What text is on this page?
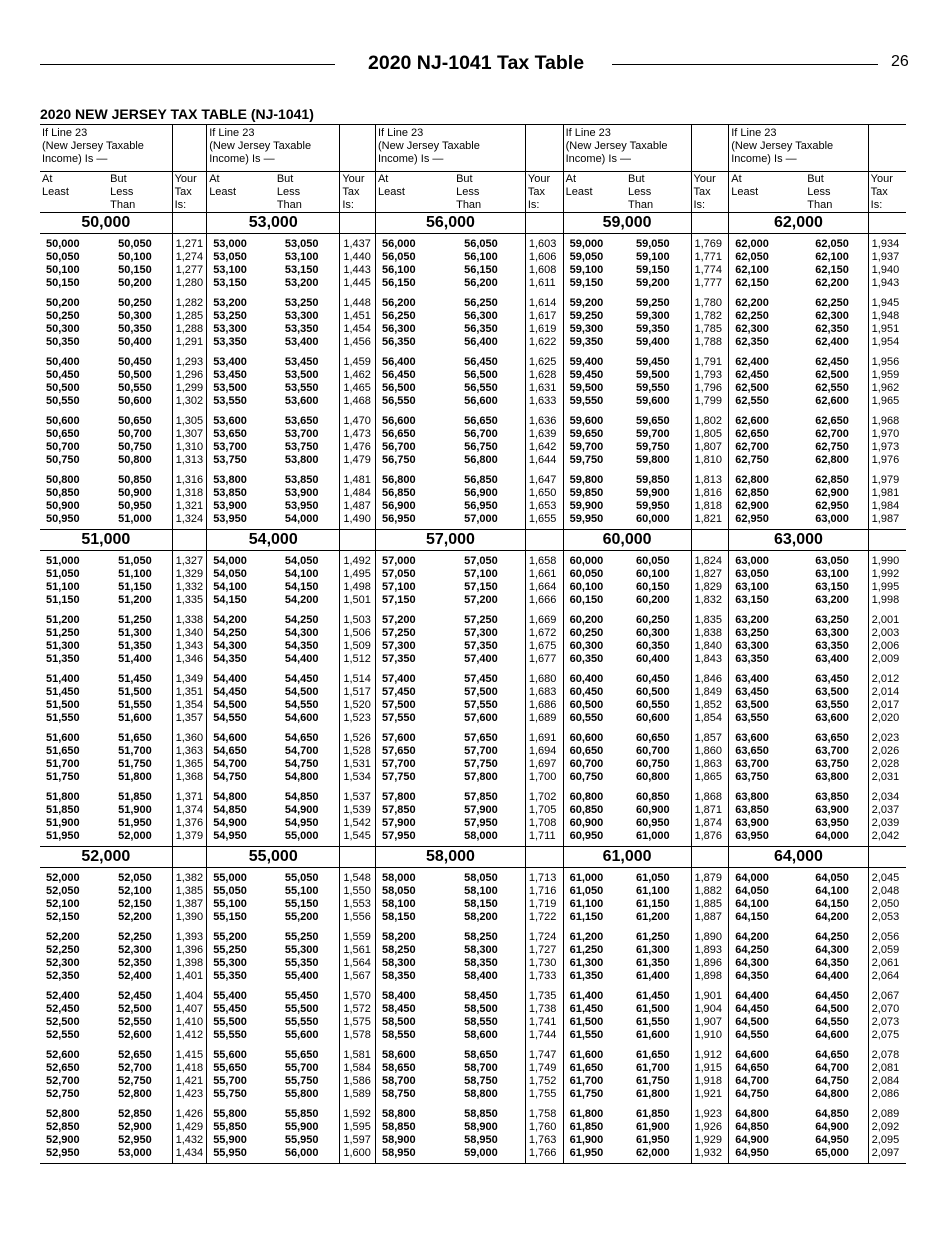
2020 NJ-1041 Tax Table	26
2020 NEW JERSEY TAX TABLE (NJ-1041)
If Line 23
(New Jersey Taxable
Income) Is —			If Line 23
(New Jersey Taxable
Income) Is —			If Line 23
(New Jersey Taxable
Income) Is —			If Line 23
(New Jersey Taxable
Income) Is —			If Line 23
(New Jersey Taxable
Income) Is —		
At
Least	But
Less
Than	Your
Tax
Is:	At
Least	But
Less
Than	Your
Tax
Is:	At
Least	But
Less
Than	Your
Tax
Is:	At
Least	But
Less
Than	Your
Tax
Is:	At
Least	But
Less
Than	Your
Tax
Is:
50,000			53,000			56,000			59,000			62,000		
50,000	50,050	1,271	53,000	53,050	1,437	56,000	56,050	1,603	59,000	59,050	1,769	62,000	62,050	1,934
50,050	50,100	1,274	53,050	53,100	1,440	56,050	56,100	1,606	59,050	59,100	1,771	62,050	62,100	1,937
50,100	50,150	1,277	53,100	53,150	1,443	56,100	56,150	1,608	59,100	59,150	1,774	62,100	62,150	1,940
50,150	50,200	1,280	53,150	53,200	1,445	56,150	56,200	1,611	59,150	59,200	1,777	62,150	62,200	1,943
50,200	50,250	1,282	53,200	53,250	1,448	56,200	56,250	1,614	59,200	59,250	1,780	62,200	62,250	1,945
50,250	50,300	1,285	53,250	53,300	1,451	56,250	56,300	1,617	59,250	59,300	1,782	62,250	62,300	1,948
50,300	50,350	1,288	53,300	53,350	1,454	56,300	56,350	1,619	59,300	59,350	1,785	62,300	62,350	1,951
50,350	50,400	1,291	53,350	53,400	1,456	56,350	56,400	1,622	59,350	59,400	1,788	62,350	62,400	1,954
50,400	50,450	1,293	53,400	53,450	1,459	56,400	56,450	1,625	59,400	59,450	1,791	62,400	62,450	1,956
50,450	50,500	1,296	53,450	53,500	1,462	56,450	56,500	1,628	59,450	59,500	1,793	62,450	62,500	1,959
50,500	50,550	1,299	53,500	53,550	1,465	56,500	56,550	1,631	59,500	59,550	1,796	62,500	62,550	1,962
50,550	50,600	1,302	53,550	53,600	1,468	56,550	56,600	1,633	59,550	59,600	1,799	62,550	62,600	1,965
50,600	50,650	1,305	53,600	53,650	1,470	56,600	56,650	1,636	59,600	59,650	1,802	62,600	62,650	1,968
50,650	50,700	1,307	53,650	53,700	1,473	56,650	56,700	1,639	59,650	59,700	1,805	62,650	62,700	1,970
50,700	50,750	1,310	53,700	53,750	1,476	56,700	56,750	1,642	59,700	59,750	1,807	62,700	62,750	1,973
50,750	50,800	1,313	53,750	53,800	1,479	56,750	56,800	1,644	59,750	59,800	1,810	62,750	62,800	1,976
50,800	50,850	1,316	53,800	53,850	1,481	56,800	56,850	1,647	59,800	59,850	1,813	62,800	62,850	1,979
50,850	50,900	1,318	53,850	53,900	1,484	56,850	56,900	1,650	59,850	59,900	1,816	62,850	62,900	1,981
50,900	50,950	1,321	53,900	53,950	1,487	56,900	56,950	1,653	59,900	59,950	1,818	62,900	62,950	1,984
50,950	51,000	1,324	53,950	54,000	1,490	56,950	57,000	1,655	59,950	60,000	1,821	62,950	63,000	1,987
51,000			54,000			57,000			60,000			63,000		
51,000	51,050	1,327	54,000	54,050	1,492	57,000	57,050	1,658	60,000	60,050	1,824	63,000	63,050	1,990
51,050	51,100	1,329	54,050	54,100	1,495	57,050	57,100	1,661	60,050	60,100	1,827	63,050	63,100	1,992
51,100	51,150	1,332	54,100	54,150	1,498	57,100	57,150	1,664	60,100	60,150	1,829	63,100	63,150	1,995
51,150	51,200	1,335	54,150	54,200	1,501	57,150	57,200	1,666	60,150	60,200	1,832	63,150	63,200	1,998
51,200	51,250	1,338	54,200	54,250	1,503	57,200	57,250	1,669	60,200	60,250	1,835	63,200	63,250	2,001
51,250	51,300	1,340	54,250	54,300	1,506	57,250	57,300	1,672	60,250	60,300	1,838	63,250	63,300	2,003
51,300	51,350	1,343	54,300	54,350	1,509	57,300	57,350	1,675	60,300	60,350	1,840	63,300	63,350	2,006
51,350	51,400	1,346	54,350	54,400	1,512	57,350	57,400	1,677	60,350	60,400	1,843	63,350	63,400	2,009
51,400	51,450	1,349	54,400	54,450	1,514	57,400	57,450	1,680	60,400	60,450	1,846	63,400	63,450	2,012
51,450	51,500	1,351	54,450	54,500	1,517	57,450	57,500	1,683	60,450	60,500	1,849	63,450	63,500	2,014
51,500	51,550	1,354	54,500	54,550	1,520	57,500	57,550	1,686	60,500	60,550	1,852	63,500	63,550	2,017
51,550	51,600	1,357	54,550	54,600	1,523	57,550	57,600	1,689	60,550	60,600	1,854	63,550	63,600	2,020
51,600	51,650	1,360	54,600	54,650	1,526	57,600	57,650	1,691	60,600	60,650	1,857	63,600	63,650	2,023
51,650	51,700	1,363	54,650	54,700	1,528	57,650	57,700	1,694	60,650	60,700	1,860	63,650	63,700	2,026
51,700	51,750	1,365	54,700	54,750	1,531	57,700	57,750	1,697	60,700	60,750	1,863	63,700	63,750	2,028
51,750	51,800	1,368	54,750	54,800	1,534	57,750	57,800	1,700	60,750	60,800	1,865	63,750	63,800	2,031
51,800	51,850	1,371	54,800	54,850	1,537	57,800	57,850	1,702	60,800	60,850	1,868	63,800	63,850	2,034
51,850	51,900	1,374	54,850	54,900	1,539	57,850	57,900	1,705	60,850	60,900	1,871	63,850	63,900	2,037
51,900	51,950	1,376	54,900	54,950	1,542	57,900	57,950	1,708	60,900	60,950	1,874	63,900	63,950	2,039
51,950	52,000	1,379	54,950	55,000	1,545	57,950	58,000	1,711	60,950	61,000	1,876	63,950	64,000	2,042
52,000			55,000			58,000			61,000			64,000		
52,000	52,050	1,382	55,000	55,050	1,548	58,000	58,050	1,713	61,000	61,050	1,879	64,000	64,050	2,045
52,050	52,100	1,385	55,050	55,100	1,550	58,050	58,100	1,716	61,050	61,100	1,882	64,050	64,100	2,048
52,100	52,150	1,387	55,100	55,150	1,553	58,100	58,150	1,719	61,100	61,150	1,885	64,100	64,150	2,050
52,150	52,200	1,390	55,150	55,200	1,556	58,150	58,200	1,722	61,150	61,200	1,887	64,150	64,200	2,053
52,200	52,250	1,393	55,200	55,250	1,559	58,200	58,250	1,724	61,200	61,250	1,890	64,200	64,250	2,056
52,250	52,300	1,396	55,250	55,300	1,561	58,250	58,300	1,727	61,250	61,300	1,893	64,250	64,300	2,059
52,300	52,350	1,398	55,300	55,350	1,564	58,300	58,350	1,730	61,300	61,350	1,896	64,300	64,350	2,061
52,350	52,400	1,401	55,350	55,400	1,567	58,350	58,400	1,733	61,350	61,400	1,898	64,350	64,400	2,064
52,400	52,450	1,404	55,400	55,450	1,570	58,400	58,450	1,735	61,400	61,450	1,901	64,400	64,450	2,067
52,450	52,500	1,407	55,450	55,500	1,572	58,450	58,500	1,738	61,450	61,500	1,904	64,450	64,500	2,070
52,500	52,550	1,410	55,500	55,550	1,575	58,500	58,550	1,741	61,500	61,550	1,907	64,500	64,550	2,073
52,550	52,600	1,412	55,550	55,600	1,578	58,550	58,600	1,744	61,550	61,600	1,910	64,550	64,600	2,075
52,600	52,650	1,415	55,600	55,650	1,581	58,600	58,650	1,747	61,600	61,650	1,912	64,600	64,650	2,078
52,650	52,700	1,418	55,650	55,700	1,584	58,650	58,700	1,749	61,650	61,700	1,915	64,650	64,700	2,081
52,700	52,750	1,421	55,700	55,750	1,586	58,700	58,750	1,752	61,700	61,750	1,918	64,700	64,750	2,084
52,750	52,800	1,423	55,750	55,800	1,589	58,750	58,800	1,755	61,750	61,800	1,921	64,750	64,800	2,086
52,800	52,850	1,426	55,800	55,850	1,592	58,800	58,850	1,758	61,800	61,850	1,923	64,800	64,850	2,089
52,850	52,900	1,429	55,850	55,900	1,595	58,850	58,900	1,760	61,850	61,900	1,926	64,850	64,900	2,092
52,900	52,950	1,432	55,900	55,950	1,597	58,900	58,950	1,763	61,900	61,950	1,929	64,900	64,950	2,095
52,950	53,000	1,434	55,950	56,000	1,600	58,950	59,000	1,766	61,950	62,000	1,932	64,950	65,000	2,097
